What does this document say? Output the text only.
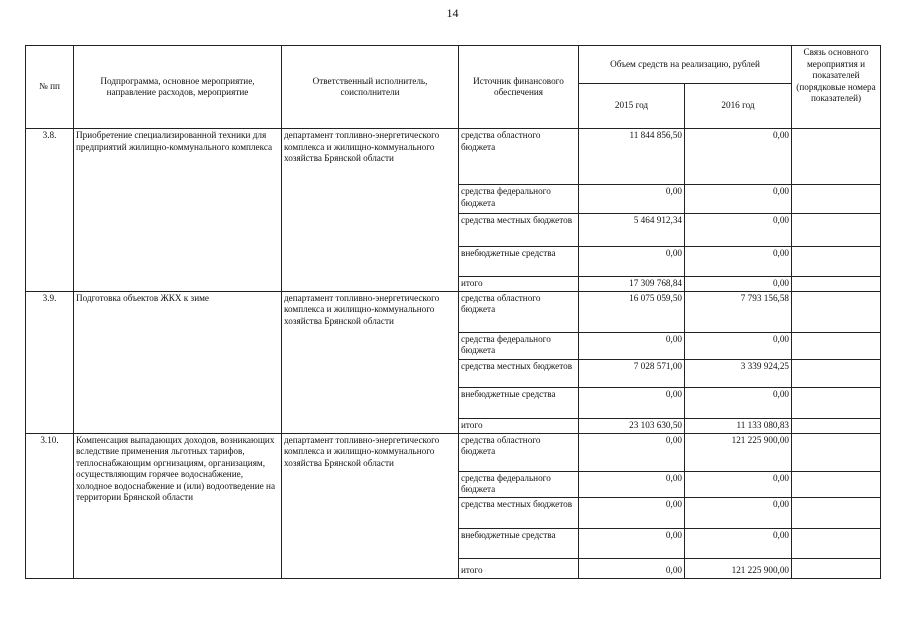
14
№ пп	Подпрограмма, основное мероприятие, направление расходов, мероприятие	Ответственный исполнитель, соисполнители	Источник финансового обеспечения	Объем средств на реализацию, рублей		Связь основного мероприятия и показателей (порядковые номера показателей)
				2015 год	2016 год	
3.8.	Приобретение специализированной техники для предприятий жилищно-коммунального комплекса	департамент топливно-энергетического комплекса и жилищно-коммунального хозяйства Брянской области	средства областного бюджета	11 844 856,50	0,00	
			средства федерального бюджета	0,00	0,00	
			средства местных бюджетов	5 464 912,34	0,00	
			внебюджетные средства	0,00	0,00	
			итого	17 309 768,84	0,00	
3.9.	Подготовка объектов ЖКХ к зиме	департамент топливно-энергетического комплекса и жилищно-коммунального хозяйства Брянской области	средства областного бюджета	16 075 059,50	7 793 156,58	
			средства федерального бюджета	0,00	0,00	
			средства местных бюджетов	7 028 571,00	3 339 924,25	
			внебюджетные средства	0,00	0,00	
			итого	23 103 630,50	11 133 080,83	
3.10.	Компенсация выпадающих доходов, возникающих вследствие применения льготных тарифов, теплоснабжающим оргнизациям, организациям, осуществляющим горячее водоснабжение, холодное водоснабжение и (или) водоотведение на территории Брянской области	департамент топливно-энергетического комплекса и жилищно-коммунального хозяйства Брянской области	средства областного бюджета	0,00	121 225 900,00	
			средства федерального бюджета	0,00	0,00	
			средства местных бюджетов	0,00	0,00	
			внебюджетные средства	0,00	0,00	
			итого	0,00	121 225 900,00	
